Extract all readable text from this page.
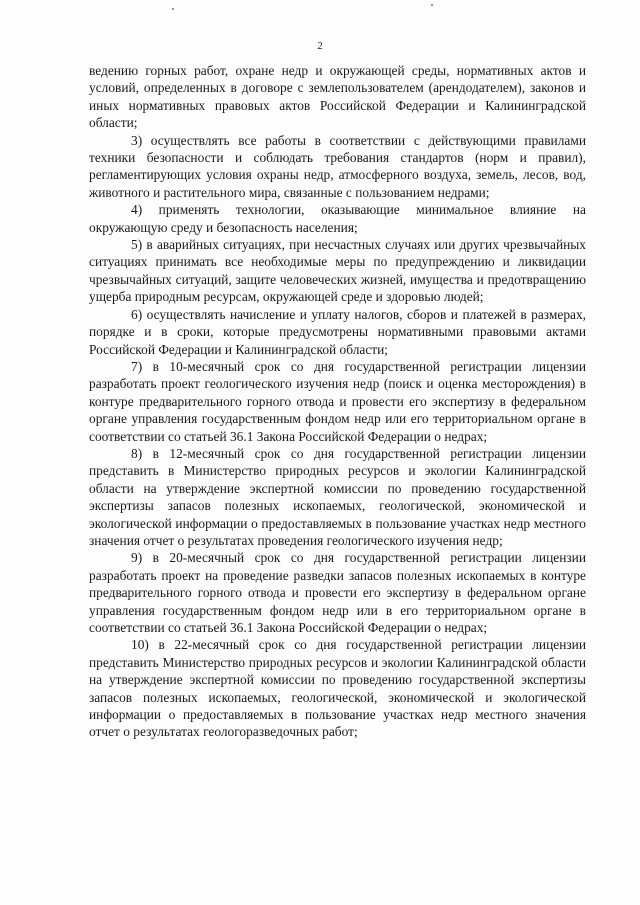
2

ведению горных работ, охране недр и окружающей среды, нормативных актов и условий, определенных в договоре с землепользователем (арендодателем), законов и иных нормативных правовых актов Российской Федерации и Калининградской области;

3) осуществлять все работы в соответствии с действующими правилами техники безопасности и соблюдать требования стандартов (норм и правил), регламентирующих условия охраны недр, атмосферного воздуха, земель, лесов, вод, животного и растительного мира, связанные с пользованием недрами;

4) применять технологии, оказывающие минимальное влияние на окружающую среду и безопасность населения;

5) в аварийных ситуациях, при несчастных случаях или других чрезвычайных ситуациях принимать все необходимые меры по предупреждению и ликвидации чрезвычайных ситуаций, защите человеческих жизней, имущества и предотвращению ущерба природным ресурсам, окружающей среде и здоровью людей;

6) осуществлять начисление и уплату налогов, сборов и платежей в размерах, порядке и в сроки, которые предусмотрены нормативными правовыми актами Российской Федерации и Калининградской области;

7) в 10-месячный срок со дня государственной регистрации лицензии разработать проект геологического изучения недр (поиск и оценка месторождения) в контуре предварительного горного отвода и провести его экспертизу в федеральном органе управления государственным фондом недр или его территориальном органе в соответствии со статьей 36.1 Закона Российской Федерации о недрах;

8) в 12-месячный срок со дня государственной регистрации лицензии представить в Министерство природных ресурсов и экологии Калининградской области на утверждение экспертной комиссии по проведению государственной экспертизы запасов полезных ископаемых, геологической, экономической и экологической информации о предоставляемых в пользование участках недр местного значения отчет о результатах проведения геологического изучения недр;

9) в 20-месячный срок со дня государственной регистрации лицензии разработать проект на проведение разведки запасов полезных ископаемых в контуре предварительного горного отвода и провести его экспертизу в федеральном органе управления государственным фондом недр или в его территориальном органе в соответствии со статьей 36.1 Закона Российской Федерации о недрах;

10) в 22-месячный срок со дня государственной регистрации лицензии представить Министерство природных ресурсов и экологии Калининградской области на утверждение экспертной комиссии по проведению государственной экспертизы запасов полезных ископаемых, геологической, экономической и экологической информации о предоставляемых в пользование участках недр местного значения отчет о результатах геологоразведочных работ;
